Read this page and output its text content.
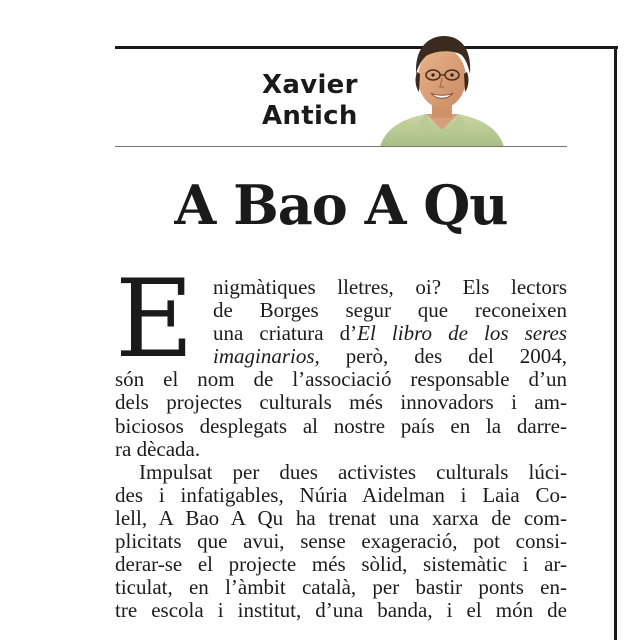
Xavier
Antich
A Bao A Qu
E nigmàtiques lletres, oi? Els lectors
de Borges segur que reconeixen
una criatura d’El libro de los seres
imaginarios, però, des del 2004,
són el nom de l’associació responsable d’un
dels projectes culturals més innovadors i am-
biciosos desplegats al nostre país en la darre-
ra dècada.
Impulsat per dues activistes culturals lúci-
des i infatigables, Núria Aidelman i Laia Co-
lell, A Bao A Qu ha trenat una xarxa de com-
plicitats que avui, sense exageració, pot consi-
derar-se el projecte més sòlid, sistemàtic i ar-
ticulat, en l’àmbit català, per bastir ponts en-
tre escola i institut, d’una banda, i el món de
